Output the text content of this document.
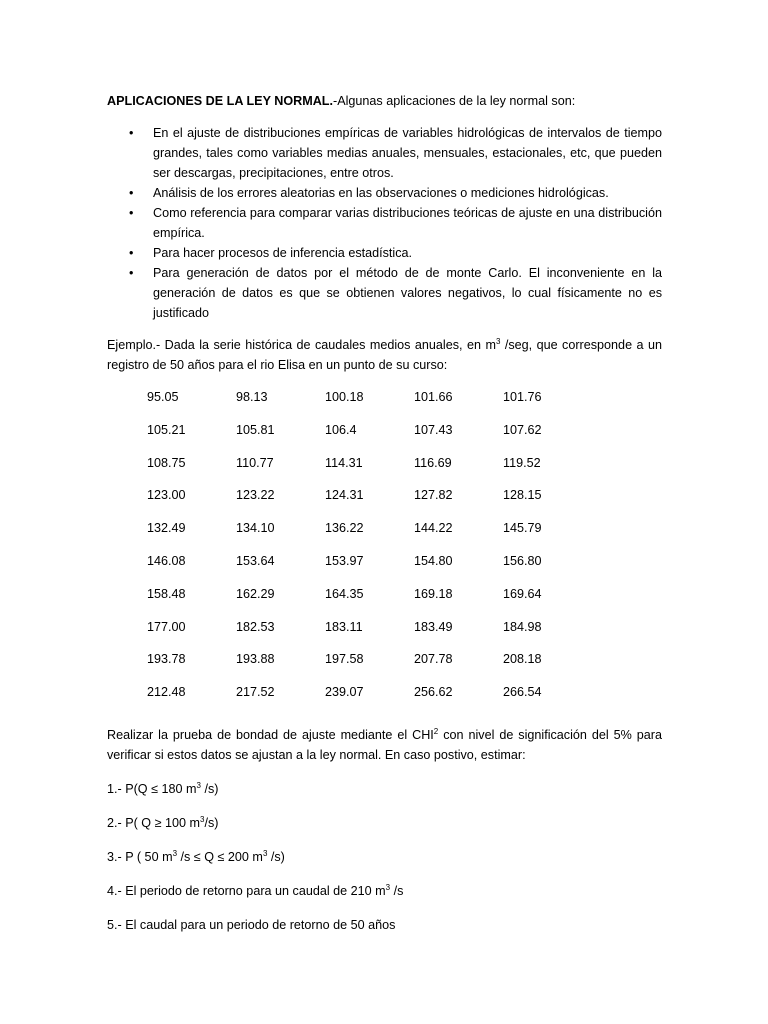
APLICACIONES DE LA LEY NORMAL.-Algunas aplicaciones de la ley normal son:

• En el ajuste de distribuciones empíricas de variables hidrológicas de intervalos de tiempo grandes, tales como variables medias anuales, mensuales, estacionales, etc, que pueden ser descargas, precipitaciones, entre otros.
• Análisis de los errores aleatorias en las observaciones o mediciones hidrológicas.
• Como referencia para comparar varias distribuciones teóricas de ajuste en una distribución empírica.
• Para hacer procesos de inferencia estadística.
• Para generación de datos por el método de de monte Carlo. El inconveniente en la generación de datos es que se obtienen valores negativos, lo cual físicamente no es justificado

Ejemplo.- Dada la serie histórica de caudales medios anuales, en $m^3$ /seg, que corresponde a un registro de 50 años para el rio Elisa en un punto de su curso:

95.05	98.13	100.18	101.66	101.76
105.21	105.81	106.4	107.43	107.62
108.75	110.77	114.31	116.69	119.52
123.00	123.22	124.31	127.82	128.15
132.49	134.10	136.22	144.22	145.79
146.08	153.64	153.97	154.80	156.80
158.48	162.29	164.35	169.18	169.64
177.00	182.53	183.11	183.49	184.98
193.78	193.88	197.58	207.78	208.18
212.48	217.52	239.07	256.62	266.54

Realizar la prueba de bondad de ajuste mediante el CHI$^2$ con nivel de significación del 5% para verificar si estos datos se ajustan a la ley normal. En caso postivo, estimar:

1.- P(Q ≤ 180 $m^3$ /s)

2.- P( Q ≥ 100 $m^3/s$)

3.- P ( 50 $m^3$ /s ≤ Q ≤ 200 $m^3$ /s)

4.- El periodo de retorno para un caudal de 210 $m^3$ /s

5.- El caudal para un periodo de retorno de 50 años
